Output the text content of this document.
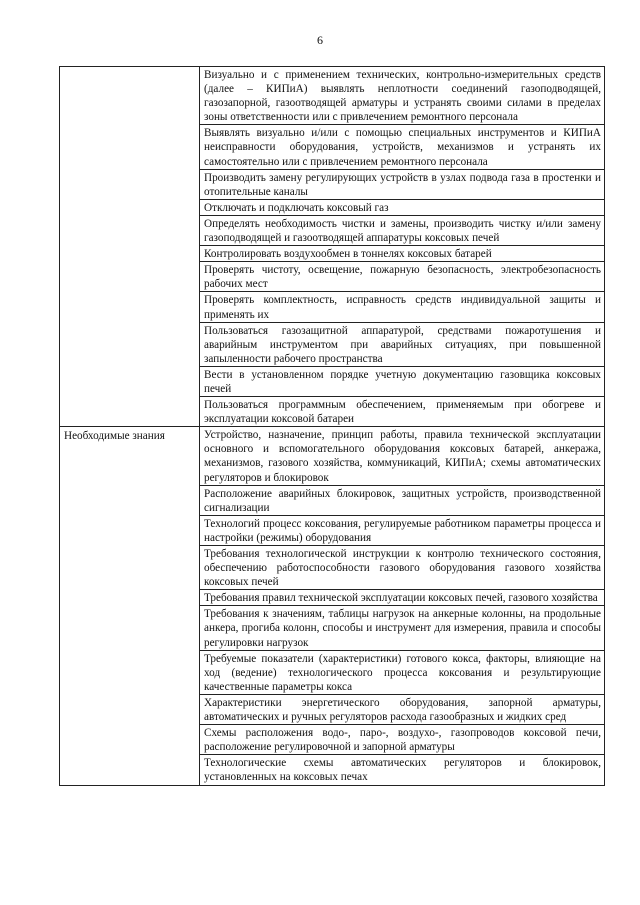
6
	Визуально и с применением технических, контрольно-измерительных средств (далее – КИПиА) выявлять неплотности соединений газоподводящей, газозапорной, газоотводящей арматуры и устранять своими силами в пределах зоны ответственности или с привлечением ремонтного персонала
	Выявлять визуально и/или с помощью специальных инструментов и КИПиА неисправности оборудования, устройств, механизмов и устранять их самостоятельно или с привлечением ремонтного персонала
	Производить замену регулирующих устройств в узлах подвода газа в простенки и отопительные каналы
	Отключать и подключать коксовый газ
	Определять необходимость чистки и замены, производить чистку и/или замену газоподводящей и газоотводящей аппаратуры коксовых печей
	Контролировать воздухообмен в тоннелях коксовых батарей
	Проверять чистоту, освещение, пожарную безопасность, электробезопасность рабочих мест
	Проверять комплектность, исправность средств индивидуальной защиты и применять их
	Пользоваться газозащитной аппаратурой, средствами пожаротушения и аварийным инструментом при аварийных ситуациях, при повышенной запыленности рабочего пространства
	Вести в установленном порядке учетную документацию газовщика коксовых печей
	Пользоваться программным обеспечением, применяемым при обогреве и эксплуатации коксовой батареи
Необходимые знания	Устройство, назначение, принцип работы, правила технической эксплуатации основного и вспомогательного оборудования коксовых батарей, анкеража, механизмов, газового хозяйства, коммуникаций, КИПиА; схемы автоматических регуляторов и блокировок
	Расположение аварийных блокировок, защитных устройств, производственной сигнализации
	Технологий процесс коксования, регулируемые работником параметры процесса и настройки (режимы) оборудования
	Требования технологической инструкции к контролю технического состояния, обеспечению работоспособности газового оборудования газового хозяйства коксовых печей
	Требования правил технической эксплуатации коксовых печей, газового хозяйства
	Требования к значениям, таблицы нагрузок на анкерные колонны, на продольные анкера, прогиба колонн, способы и инструмент для измерения, правила и способы регулировки нагрузок
	Требуемые показатели (характеристики) готового кокса, факторы, влияющие на ход (ведение) технологического процесса коксования и результирующие качественные параметры кокса
	Характеристики энергетического оборудования, запорной арматуры, автоматических и ручных регуляторов расхода газообразных и жидких сред
	Схемы расположения водо-, паро-, воздухо-, газопроводов коксовой печи, расположение регулировочной и запорной арматуры
	Технологические схемы автоматических регуляторов и блокировок, установленных на коксовых печах
